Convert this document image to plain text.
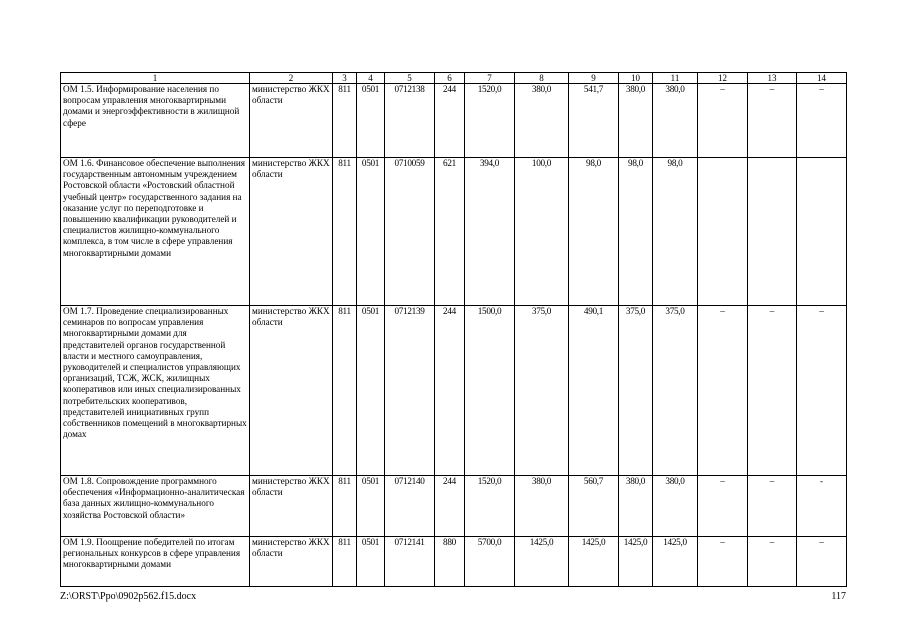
1	2	3	4	5	6	7	8	9	10	11	12	13	14
ОМ 1.5. Информирование населения по вопросам управления многоквартирными домами и энергоэффективности в жилищной сфере	министерство ЖКХ области	811	0501	0712138	244	1520,0	380,0	541,7	380,0	380,0	–	–	–
ОМ 1.6. Финансовое обеспечение выполнения государственным автономным учреждением Ростовской области «Ростовский областной учебный центр» государственного задания на оказание услуг по переподготовке и повышению квалификации руководителей и специалистов жилищно-коммунального комплекса, в том числе в сфере управления многоквартирными домами	министерство ЖКХ области	811	0501	0710059	621	394,0	100,0	98,0	98,0	98,0			
ОМ 1.7. Проведение специализированных семинаров по вопросам управления многоквартирными домами для представителей органов государственной власти и местного самоуправления, руководителей и специалистов управляющих организаций, ТСЖ, ЖСК, жилищных кооперативов или иных специализированных потребительских кооперативов, представителей инициативных групп собственников помещений в многоквартирных домах	министерство ЖКХ области	811	0501	0712139	244	1500,0	375,0	490,1	375,0	375,0	–	–	–
ОМ 1.8. Сопровождение программного обеспечения «Информационно-аналитическая база данных жилищно-коммунального хозяйства Ростовской области»	министерство ЖКХ области	811	0501	0712140	244	1520,0	380,0	560,7	380,0	380,0	–	–	-
ОМ 1.9. Поощрение победителей по итогам региональных конкурсов в сфере управления многоквартирными домами	министерство ЖКХ области	811	0501	0712141	880	5700,0	1425,0	1425,0	1425,0	1425,0	–	–	–
Z:\ORST\Ppo\0902p562.f15.docx	117
